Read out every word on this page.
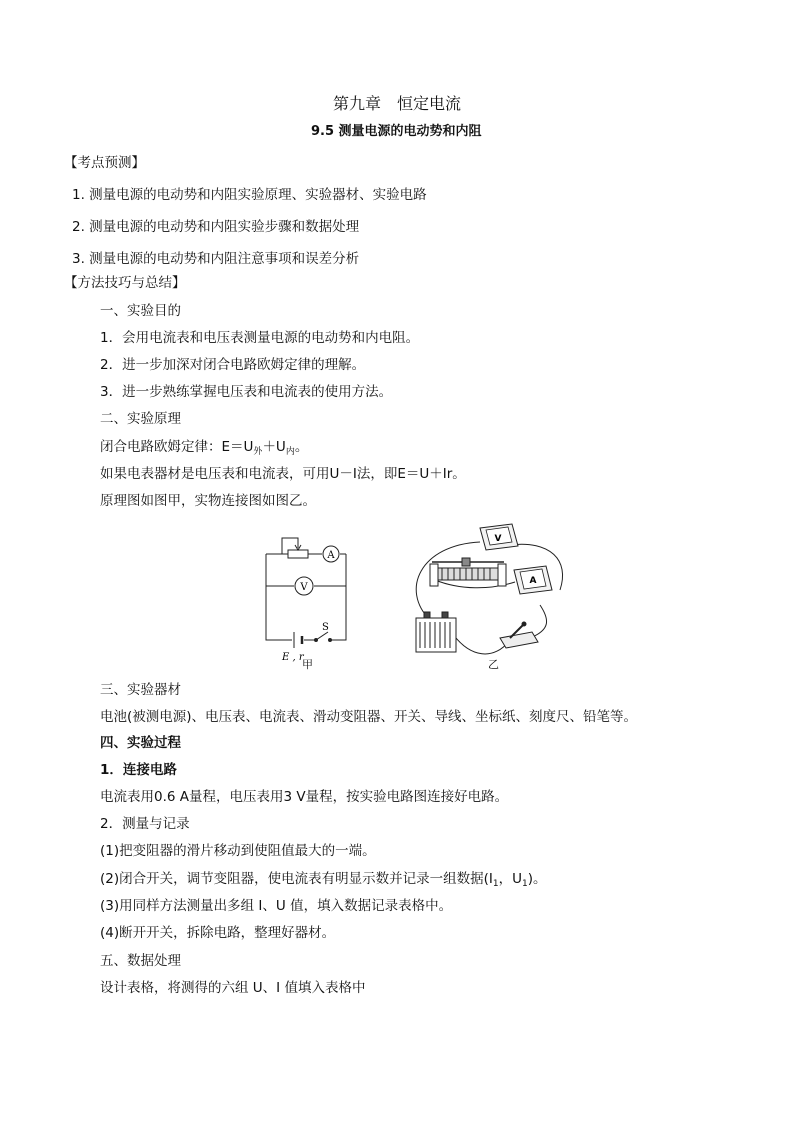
第九章　恒定电流
9.5 测量电源的电动势和内阻
【考点预测】
1. 测量电源的电动势和内阻实验原理、实验器材、实验电路
2. 测量电源的电动势和内阻实验步骤和数据处理
3. 测量电源的电动势和内阻注意事项和误差分析
【方法技巧与总结】
一、实验目的
1．会用电流表和电压表测量电源的电动势和内电阻。
2．进一步加深对闭合电路欧姆定律的理解。
3．进一步熟练掌握电压表和电流表的使用方法。
二、实验原理
闭合电路欧姆定律：$E=U_外+U_内$。
如果电表器材是电压表和电流表，可用U－I法，即E＝U＋Ir。
原理图如图甲，实物连接图如图乙。
A
V
E , r
S
甲
V
A
乙
三、实验器材
电池(被测电源)、电压表、电流表、滑动变阻器、开关、导线、坐标纸、刻度尺、铅笔等。
四、实验过程
1．连接电路
电流表用0.6 A量程，电压表用3 V量程，按实验电路图连接好电路。
2．测量与记录
(1)把变阻器的滑片移动到使阻值最大的一端。
(2)闭合开关，调节变阻器，使电流表有明显示数并记录一组数据($I_1$，$U_1$)。
(3)用同样方法测量出多组 I、U 值，填入数据记录表格中。
(4)断开开关，拆除电路，整理好器材。
五、数据处理
设计表格，将测得的六组 U、I 值填入表格中
